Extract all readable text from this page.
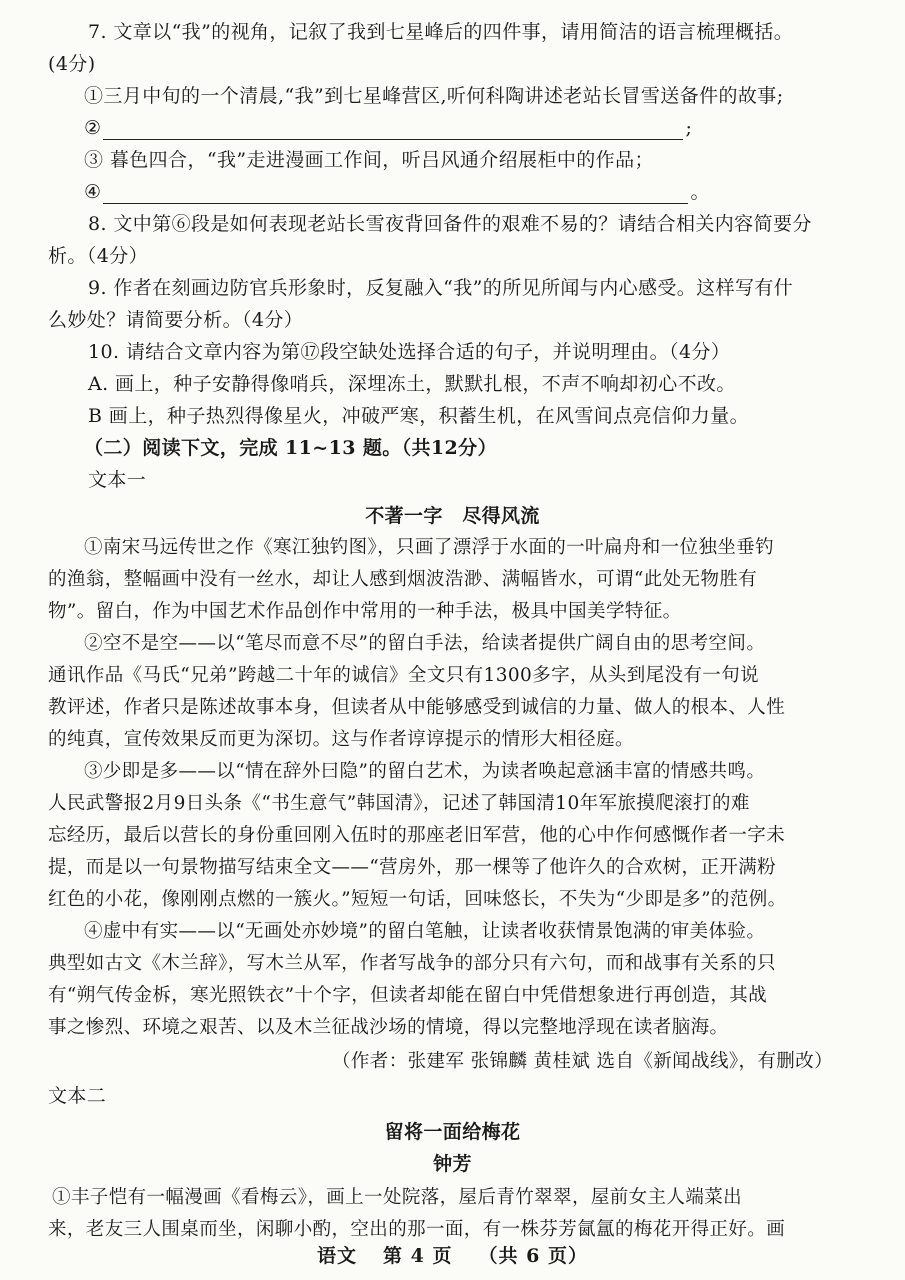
7. 文章以“我”的视角，记叙了我到七星峰后的四件事，请用简洁的语言梳理概括。
(4分)
①三月中旬的一个清晨,“我”到七星峰营区,听何科陶讲述老站长冒雪送备件的故事;
②	;
③ 暮色四合，“我”走进漫画工作间，听吕风通介绍展柜中的作品；
④	。
8. 文中第⑥段是如何表现老站长雪夜背回备件的艰难不易的？请结合相关内容简要分
析。（4分）
9. 作者在刻画边防官兵形象时，反复融入“我”的所见所闻与内心感受。这样写有什
么妙处？请简要分析。（4分）
10. 请结合文章内容为第⑰段空缺处选择合适的句子，并说明理由。（4分）
A. 画上，种子安静得像哨兵，深埋冻土，默默扎根，不声不响却初心不改。
B 画上，种子热烈得像星火，冲破严寒，积蓄生机，在风雪间点亮信仰力量。
（二）阅读下文，完成 11~13 题。（共12分）
文本一
不著一字　尽得风流
①南宋马远传世之作《寒江独钓图》，只画了漂浮于水面的一叶扁舟和一位独坐垂钓
的渔翁，整幅画中没有一丝水，却让人感到烟波浩渺、满幅皆水，可谓“此处无物胜有
物”。留白，作为中国艺术作品创作中常用的一种手法，极具中国美学特征。
②空不是空——以“笔尽而意不尽”的留白手法，给读者提供广阔自由的思考空间。
通讯作品《马氏“兄弟”跨越二十年的诚信》全文只有1300多字，从头到尾没有一句说
教评述，作者只是陈述故事本身，但读者从中能够感受到诚信的力量、做人的根本、人性
的纯真，宣传效果反而更为深切。这与作者谆谆提示的情形大相径庭。
③少即是多——以“情在辞外曰隐”的留白艺术，为读者唤起意涵丰富的情感共鸣。
人民武警报2月9日头条《“书生意气”韩国清》，记述了韩国清10年军旅摸爬滚打的难
忘经历，最后以营长的身份重回刚入伍时的那座老旧军营，他的心中作何感慨作者一字未
提，而是以一句景物描写结束全文——“营房外，那一棵等了他许久的合欢树，正开满粉
红色的小花，像刚刚点燃的一簇火。”短短一句话，回味悠长，不失为“少即是多”的范例。
④虚中有实——以“无画处亦妙境”的留白笔触，让读者收获情景饱满的审美体验。
典型如古文《木兰辞》，写木兰从军，作者写战争的部分只有六句，而和战事有关系的只
有“朔气传金柝，寒光照铁衣”十个字，但读者却能在留白中凭借想象进行再创造，其战
事之惨烈、环境之艰苦、以及木兰征战沙场的情境，得以完整地浮现在读者脑海。
（作者：张建军 张锦麟 黄桂斌 选自《新闻战线》，有删改）
文本二
留将一面给梅花
钟芳
①丰子恺有一幅漫画《看梅云》，画上一处院落，屋后青竹翠翠，屋前女主人端菜出
来，老友三人围桌而坐，闲聊小酌，空出的那一面，有一株芬芳氤氲的梅花开得正好。画
语文 第 4 页 （共 6 页）
